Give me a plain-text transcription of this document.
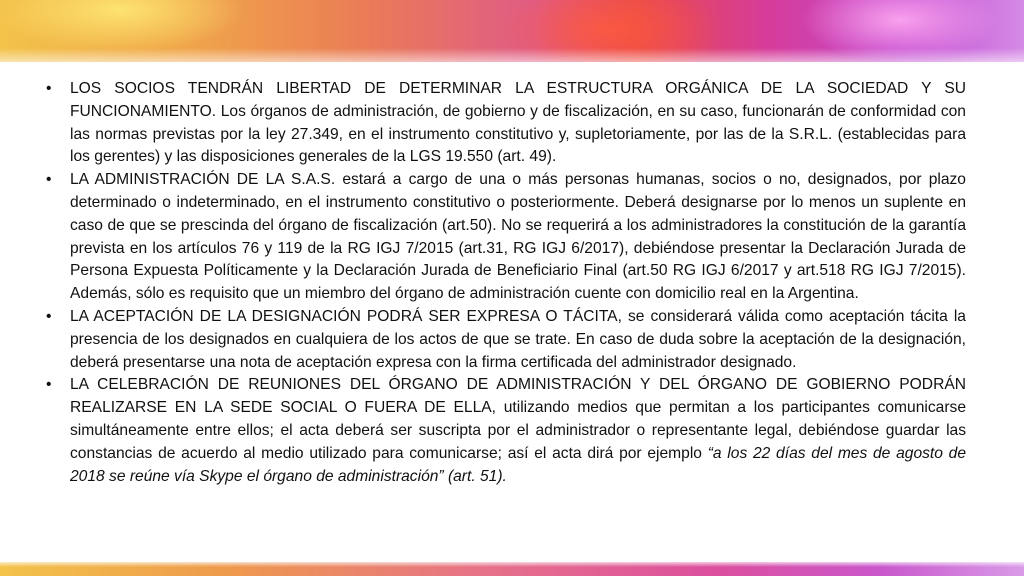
• LOS SOCIOS TENDRÁN LIBERTAD DE DETERMINAR LA ESTRUCTURA ORGÁNICA DE LA SOCIEDAD Y SU FUNCIONAMIENTO. Los órganos de administración, de gobierno y de fiscalización, en su caso, funcionarán de conformidad con las normas previstas por la ley 27.349, en el instrumento constitutivo y, supletoriamente, por las de la S.R.L. (establecidas para los gerentes) y las disposiciones generales de la LGS 19.550 (art. 49).
• LA ADMINISTRACIÓN DE LA S.A.S. estará a cargo de una o más personas humanas, socios o no, designados, por plazo determinado o indeterminado, en el instrumento constitutivo o posteriormente. Deberá designarse por lo menos un suplente en caso de que se prescinda del órgano de fiscalización (art.50). No se requerirá a los administradores la constitución de la garantía prevista en los artículos 76 y 119 de la RG IGJ 7/2015 (art.31, RG IGJ 6/2017), debiéndose presentar la Declaración Jurada de Persona Expuesta Políticamente y la Declaración Jurada de Beneficiario Final (art.50 RG IGJ 6/2017 y art.518 RG IGJ 7/2015). Además, sólo es requisito que un miembro del órgano de administración cuente con domicilio real en la Argentina.
• LA ACEPTACIÓN DE LA DESIGNACIÓN PODRÁ SER EXPRESA O TÁCITA, se considerará válida como aceptación tácita la presencia de los designados en cualquiera de los actos de que se trate. En caso de duda sobre la aceptación de la designación, deberá presentarse una nota de aceptación expresa con la firma certificada del administrador designado.
• LA CELEBRACIÓN DE REUNIONES DEL ÓRGANO DE ADMINISTRACIÓN Y DEL ÓRGANO DE GOBIERNO PODRÁN REALIZARSE EN LA SEDE SOCIAL O FUERA DE ELLA, utilizando medios que permitan a los participantes comunicarse simultáneamente entre ellos; el acta deberá ser suscripta por el administrador o representante legal, debiéndose guardar las constancias de acuerdo al medio utilizado para comunicarse; así el acta dirá por ejemplo “a los 22 días del mes de agosto de 2018 se reúne vía Skype el órgano de administración” (art. 51).
